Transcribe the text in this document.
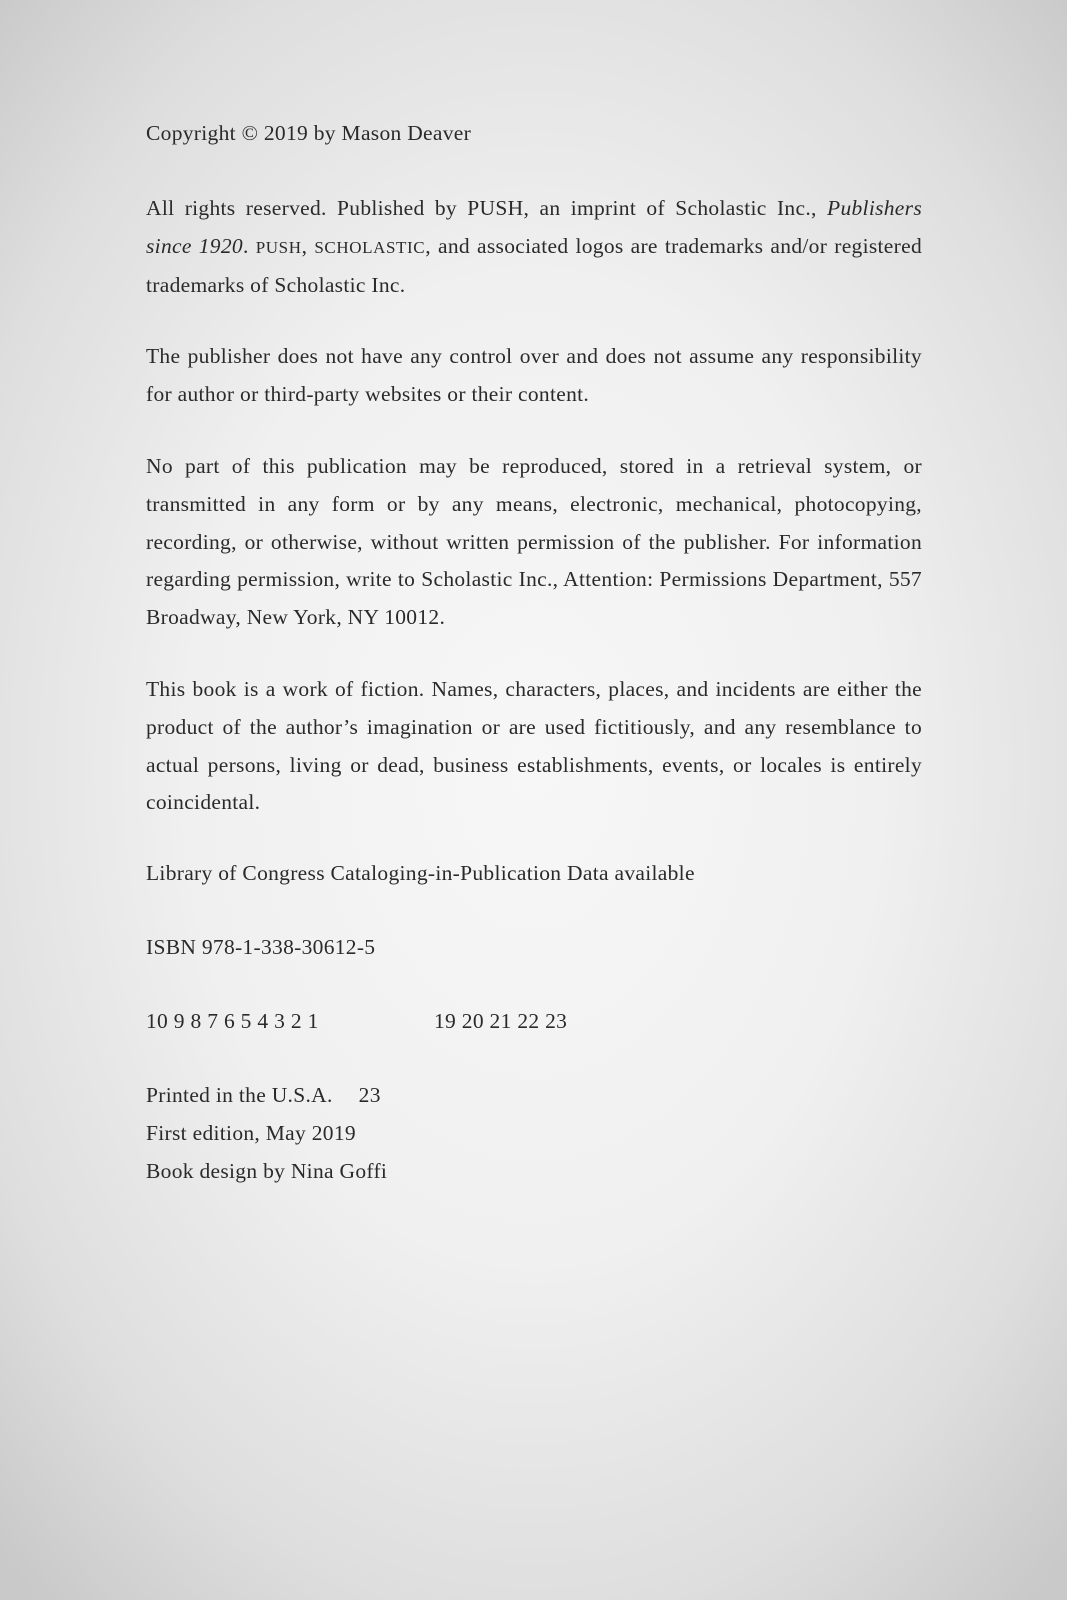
Copyright © 2019 by Mason Deaver

All rights reserved. Published by PUSH, an imprint of Scholastic Inc., Publishers since 1920. PUSH, SCHOLASTIC, and associated logos are trademarks and/or registered trademarks of Scholastic Inc.

The publisher does not have any control over and does not assume any responsibility for author or third-party websites or their content.

No part of this publication may be reproduced, stored in a retrieval system, or transmitted in any form or by any means, electronic, mechanical, photocopying, recording, or otherwise, without written permission of the publisher. For information regarding permission, write to Scholastic Inc., Attention: Permissions Department, 557 Broadway, New York, NY 10012.

This book is a work of fiction. Names, characters, places, and incidents are either the product of the author’s imagination or are used fictitiously, and any resemblance to actual persons, living or dead, business establishments, events, or locales is entirely coincidental.

Library of Congress Cataloging-in-Publication Data available

ISBN 978-1-338-30612-5

10 9 8 7 6 5 4 3 2 1	19 20 21 22 23
Printed in the U.S.A. 23
First edition, May 2019
Book design by Nina Goffi
